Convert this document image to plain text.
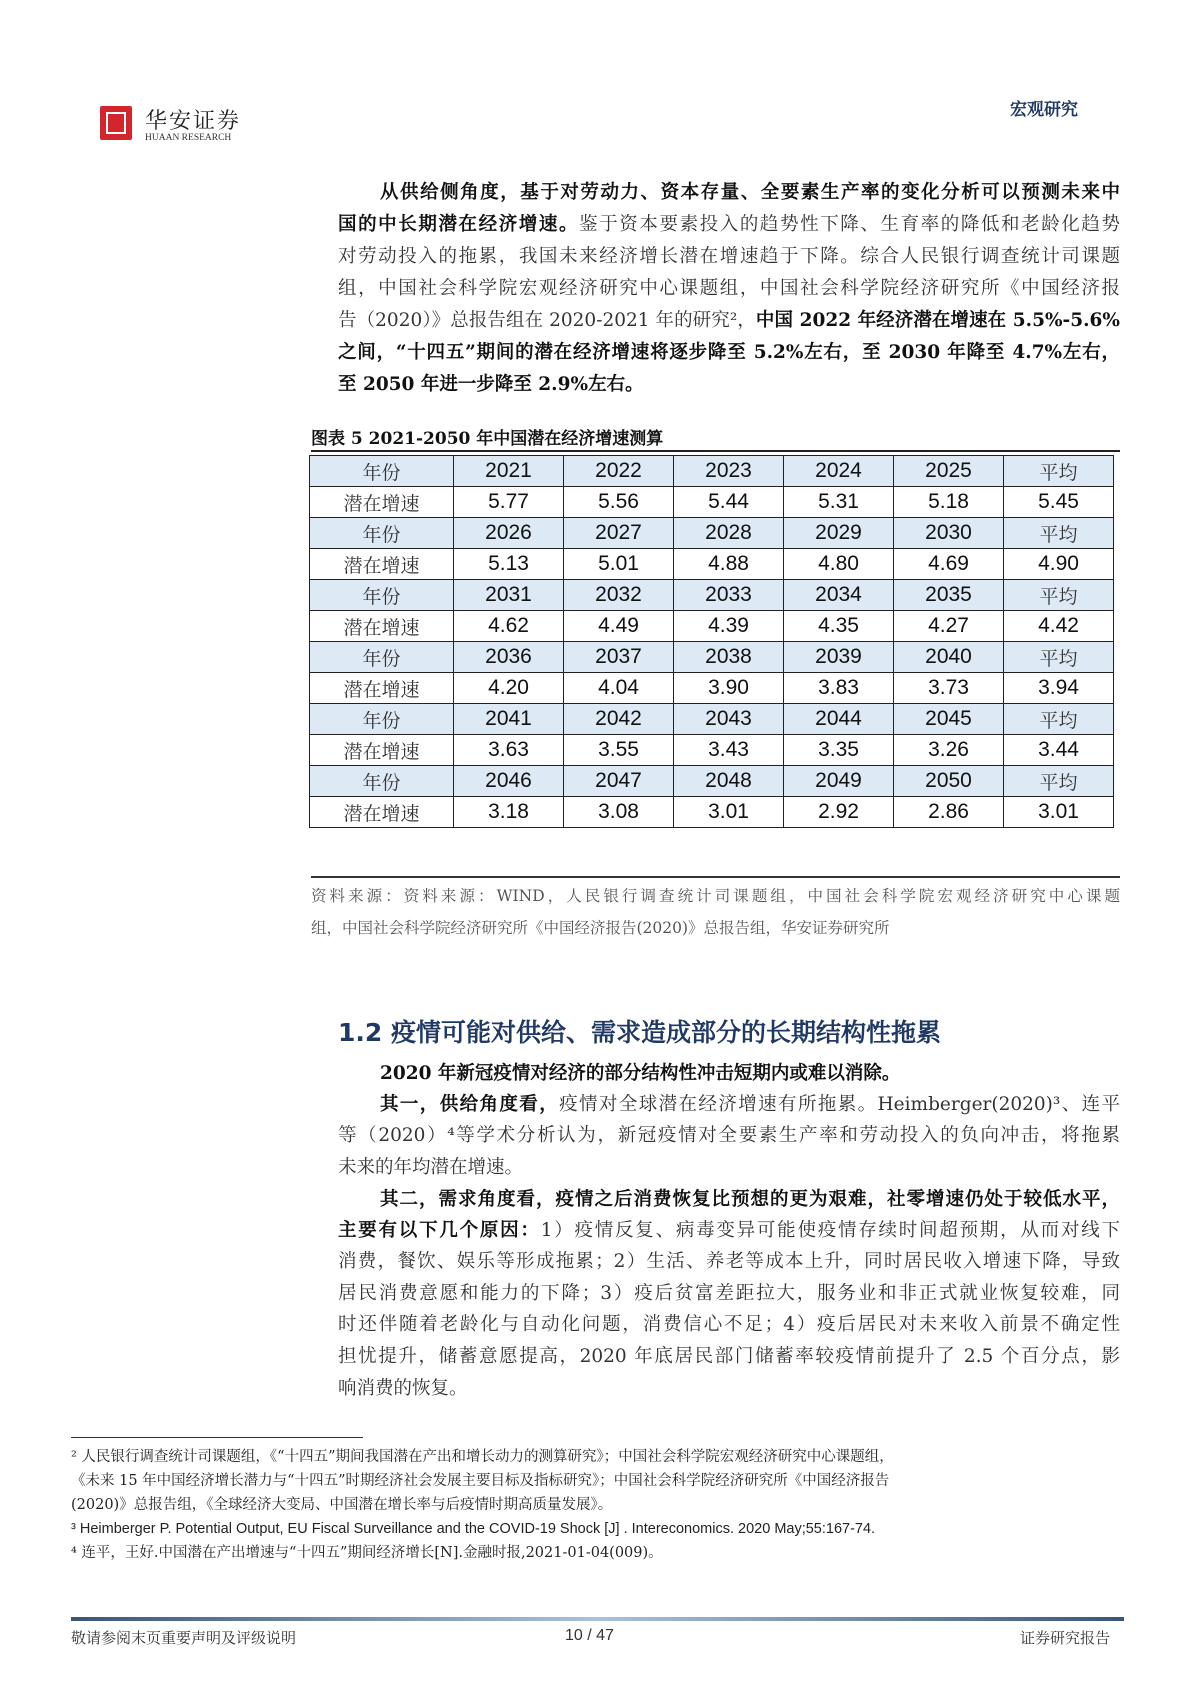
华安证券
HUAAN RESEARCH
宏观研究
从供给侧角度，基于对劳动力、资本存量、全要素生产率的变化分析可以预测未来中
国的中长期潜在经济增速。鉴于资本要素投入的趋势性下降、生育率的降低和老龄化趋势
对劳动投入的拖累，我国未来经济增长潜在增速趋于下降。综合人民银行调查统计司课题
组，中国社会科学院宏观经济研究中心课题组，中国社会科学院经济研究所《中国经济报
告（2020）》总报告组在 2020-2021 年的研究²，中国 2022 年经济潜在增速在 5.5%-5.6%
之间，“十四五”期间的潜在经济增速将逐步降至 5.2%左右，至 2030 年降至 4.7%左右，
至 2050 年进一步降至 2.9%左右。
图表 5 2021-2050 年中国潜在经济增速测算
年份	2021	2022	2023	2024	2025	平均
潜在增速	5.77	5.56	5.44	5.31	5.18	5.45
年份	2026	2027	2028	2029	2030	平均
潜在增速	5.13	5.01	4.88	4.80	4.69	4.90
年份	2031	2032	2033	2034	2035	平均
潜在增速	4.62	4.49	4.39	4.35	4.27	4.42
年份	2036	2037	2038	2039	2040	平均
潜在增速	4.20	4.04	3.90	3.83	3.73	3.94
年份	2041	2042	2043	2044	2045	平均
潜在增速	3.63	3.55	3.43	3.35	3.26	3.44
年份	2046	2047	2048	2049	2050	平均
潜在增速	3.18	3.08	3.01	2.92	2.86	3.01
资料来源：资料来源：WIND，人民银行调查统计司课题组，中国社会科学院宏观经济研究中心课题
组，中国社会科学院经济研究所《中国经济报告(2020)》总报告组，华安证券研究所
1.2 疫情可能对供给、需求造成部分的长期结构性拖累
2020 年新冠疫情对经济的部分结构性冲击短期内或难以消除。
其一，供给角度看，疫情对全球潜在经济增速有所拖累。Heimberger(2020)³、连平
等（2020）⁴等学术分析认为，新冠疫情对全要素生产率和劳动投入的负向冲击，将拖累
未来的年均潜在增速。
其二，需求角度看，疫情之后消费恢复比预想的更为艰难，社零增速仍处于较低水平，
主要有以下几个原因：1）疫情反复、病毒变异可能使疫情存续时间超预期，从而对线下
消费，餐饮、娱乐等形成拖累；2）生活、养老等成本上升，同时居民收入增速下降，导致
居民消费意愿和能力的下降；3）疫后贫富差距拉大，服务业和非正式就业恢复较难，同
时还伴随着老龄化与自动化问题，消费信心不足；4）疫后居民对未来收入前景不确定性
担忧提升，储蓄意愿提高，2020 年底居民部门储蓄率较疫情前提升了 2.5 个百分点，影
响消费的恢复。
² 人民银行调查统计司课题组，《“十四五”期间我国潜在产出和增长动力的测算研究》；中国社会科学院宏观经济研究中心课题组，
《未来 15 年中国经济增长潜力与“十四五”时期经济社会发展主要目标及指标研究》；中国社会科学院经济研究所《中国经济报告
(2020)》总报告组，《全球经济大变局、中国潜在增长率与后疫情时期高质量发展》。
³ Heimberger P. Potential Output, EU Fiscal Surveillance and the COVID-19 Shock [J] . Intereconomics. 2020 May;55:167-74.
⁴ 连平，王好.中国潜在产出增速与“十四五”期间经济增长[N].金融时报,2021-01-04(009)。
敬请参阅末页重要声明及评级说明	10 / 47	证券研究报告
